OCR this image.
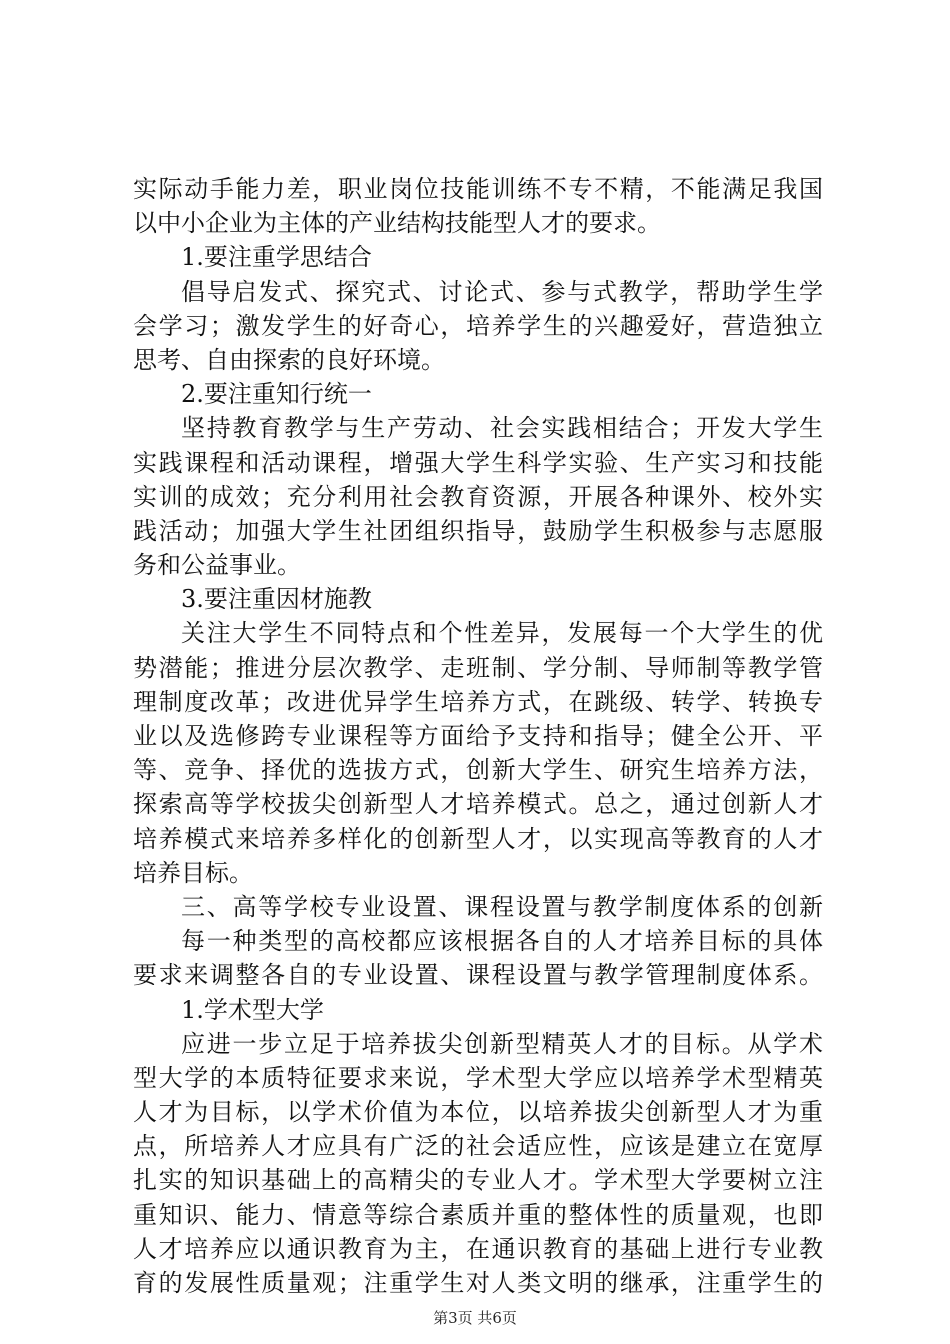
实际动手能力差，职业岗位技能训练不专不精，不能满足我国
以中小企业为主体的产业结构技能型人才的要求。
1.要注重学思结合
倡导启发式、探究式、讨论式、参与式教学，帮助学生学
会学习；激发学生的好奇心，培养学生的兴趣爱好，营造独立
思考、自由探索的良好环境。
2.要注重知行统一
坚持教育教学与生产劳动、社会实践相结合；开发大学生
实践课程和活动课程，增强大学生科学实验、生产实习和技能
实训的成效；充分利用社会教育资源，开展各种课外、校外实
践活动；加强大学生社团组织指导，鼓励学生积极参与志愿服
务和公益事业。
3.要注重因材施教
关注大学生不同特点和个性差异，发展每一个大学生的优
势潜能；推进分层次教学、走班制、学分制、导师制等教学管
理制度改革；改进优异学生培养方式，在跳级、转学、转换专
业以及选修跨专业课程等方面给予支持和指导；健全公开、平
等、竞争、择优的选拔方式，创新大学生、研究生培养方法，
探索高等学校拔尖创新型人才培养模式。总之，通过创新人才
培养模式来培养多样化的创新型人才，以实现高等教育的人才
培养目标。
三、高等学校专业设置、课程设置与教学制度体系的创新
每一种类型的高校都应该根据各自的人才培养目标的具体
要求来调整各自的专业设置、课程设置与教学管理制度体系。
1.学术型大学
应进一步立足于培养拔尖创新型精英人才的目标。从学术
型大学的本质特征要求来说，学术型大学应以培养学术型精英
人才为目标，以学术价值为本位，以培养拔尖创新型人才为重
点，所培养人才应具有广泛的社会适应性，应该是建立在宽厚
扎实的知识基础上的高精尖的专业人才。学术型大学要树立注
重知识、能力、情意等综合素质并重的整体性的质量观，也即
人才培养应以通识教育为主，在通识教育的基础上进行专业教
育的发展性质量观；注重学生对人类文明的继承，注重学生的
第3页 共6页
